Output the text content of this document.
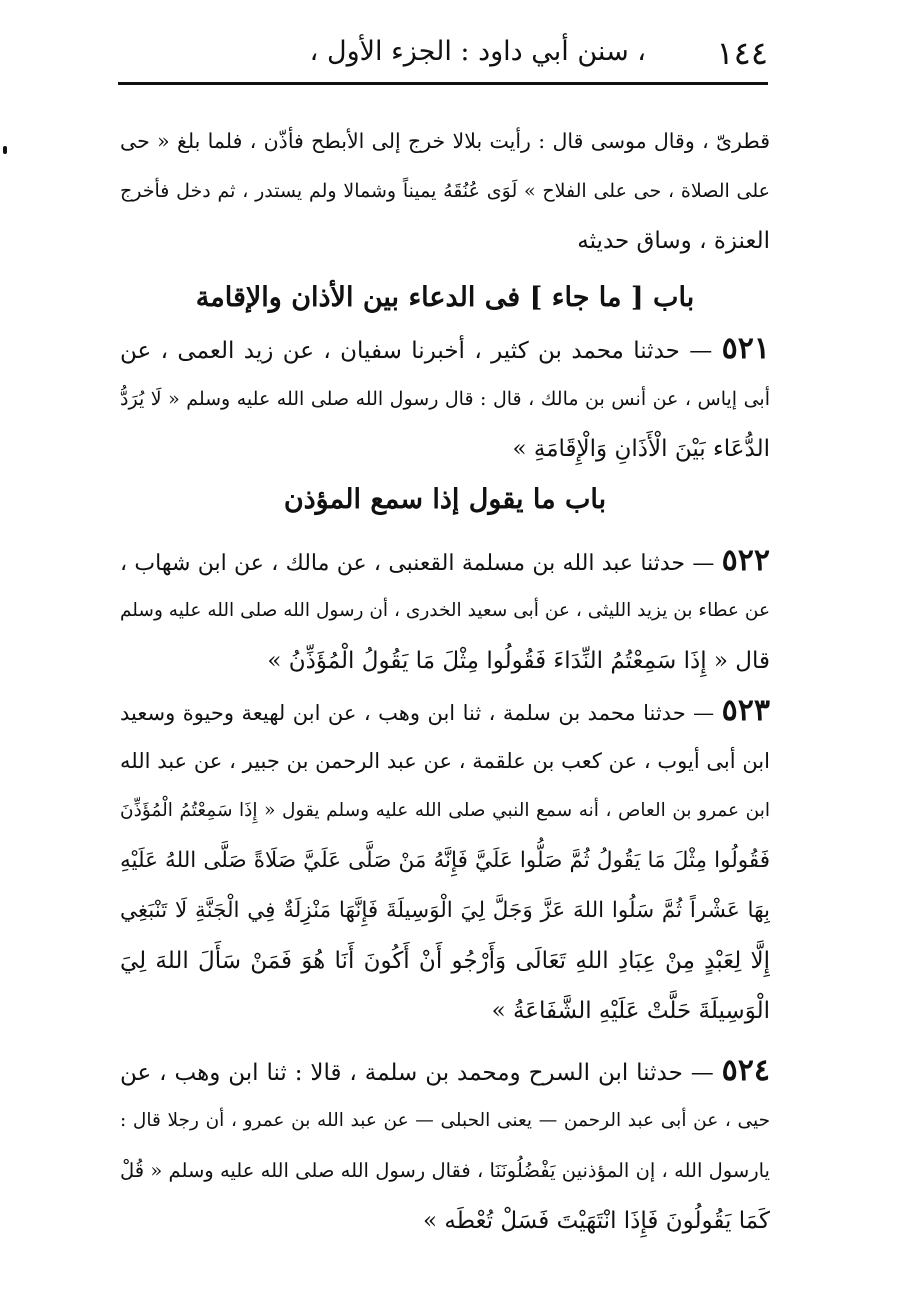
١٤٤
، سنن أبي داود : الجزء الأول ،
قطرىّ ، وقال موسى قال : رأيت بلالا خرج إلى الأبطح فأذّن ، فلما بلغ « حى
على الصلاة ، حى على الفلاح » لَوَى عُنُقَهُ يميناً وشمالا ولم يستدر ، ثم دخل فأخرج
العنزة ، وساق حديثه
باب [ ما جاء ] فى الدعاء بين الأذان والإقامة
٥٢١ — حدثنا محمد بن كثير ، أخبرنا سفيان ، عن زيد العمى ، عن
أبى إياس ، عن أنس بن مالك ، قال : قال رسول الله صلى الله عليه وسلم « لَا يُرَدُّ
الدُّعَاء بَيْنَ الْأَذَانِ وَالْإِقَامَةِ »
باب ما يقول إذا سمع المؤذن
٥٢٢ — حدثنا عبد الله بن مسلمة القعنبى ، عن مالك ، عن ابن شهاب ،
عن عطاء بن يزيد الليثى ، عن أبى سعيد الخدرى ، أن رسول الله صلى الله عليه وسلم
قال « إِذَا سَمِعْتُمُ النِّدَاءَ فَقُولُوا مِثْلَ مَا يَقُولُ الْمُؤَذِّنُ »
٥٢٣ — حدثنا محمد بن سلمة ، ثنا ابن وهب ، عن ابن لهيعة وحيوة وسعيد
ابن أبى أيوب ، عن كعب بن علقمة ، عن عبد الرحمن بن جبير ، عن عبد الله
ابن عمرو بن العاص ، أنه سمع النبي صلى الله عليه وسلم يقول « إِذَا سَمِعْتُمُ الْمُؤَذِّنَ
فَقُولُوا مِثْلَ مَا يَقُولُ ثُمَّ صَلُّوا عَلَيَّ فَإِنَّهُ مَنْ صَلَّى عَلَيَّ صَلَاةً صَلَّى اللهُ عَلَيْهِ
بِهَا عَشْراً ثُمَّ سَلُوا اللهَ عَزَّ وَجَلَّ لِيَ الْوَسِيلَةَ فَإِنَّهَا مَنْزِلَةٌ فِي الْجَنَّةِ لَا تَنْبَغِي
إِلَّا لِعَبْدٍ مِنْ عِبَادِ اللهِ تَعَالَى وَأَرْجُو أَنْ أَكُونَ أَنَا هُوَ فَمَنْ سَأَلَ اللهَ لِيَ
الْوَسِيلَةَ حَلَّتْ عَلَيْهِ الشَّفَاعَةُ »
٥٢٤ — حدثنا ابن السرح ومحمد بن سلمة ، قالا : ثنا ابن وهب ، عن
حيى ، عن أبى عبد الرحمن — يعنى الحبلى — عن عبد الله بن عمرو ، أن رجلا قال :
يارسول الله ، إن المؤذنين يَفْضُلُونَنَا ، فقال رسول الله صلى الله عليه وسلم « قُلْ
كَمَا يَقُولُونَ فَإِذَا انْتَهَيْتَ فَسَلْ تُعْطَه »
